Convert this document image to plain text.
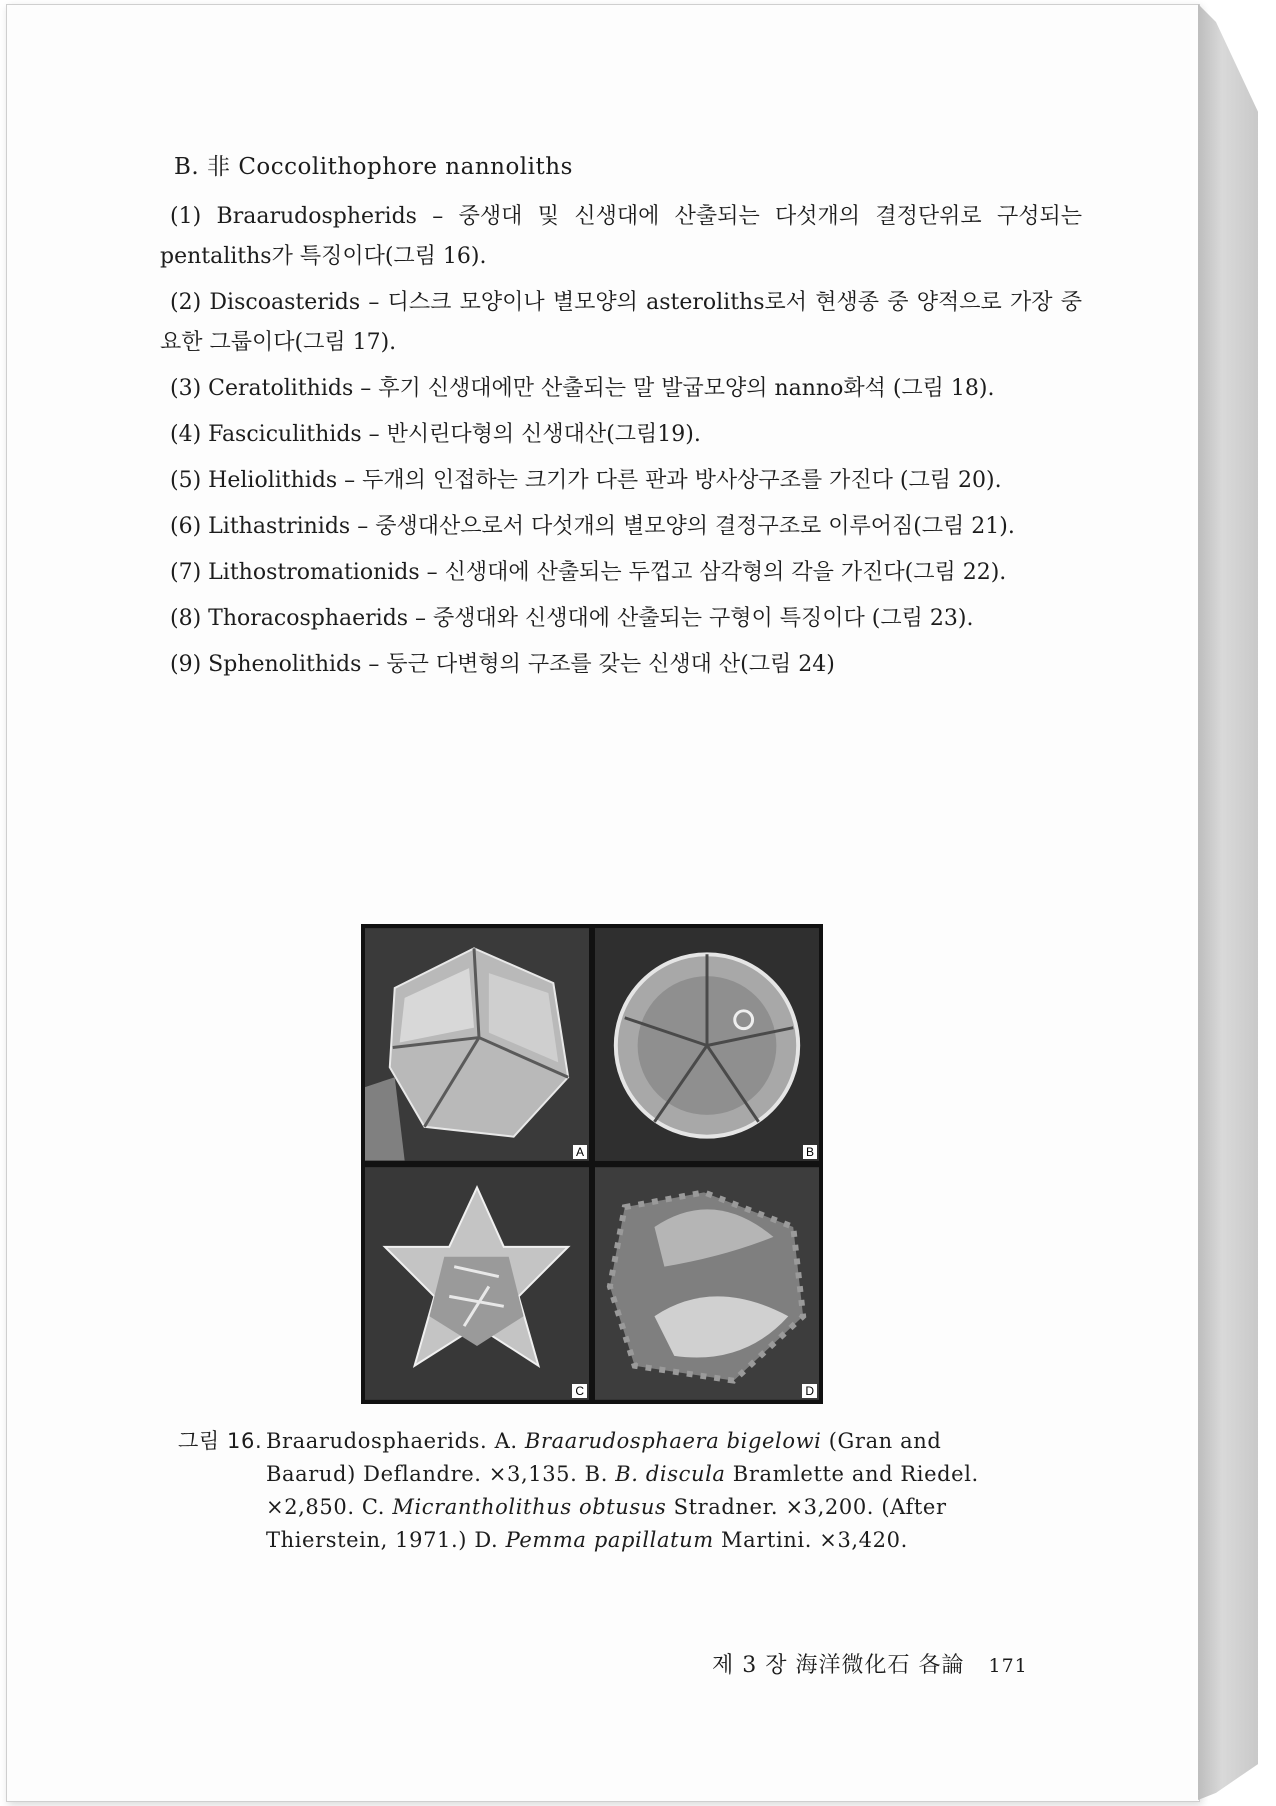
B. 非 Coccolithophore nannoliths
(1) Braarudospherids – 중생대 및 신생대에 산출되는 다섯개의 결정단위로 구성되는 pentaliths가 특징이다(그림 16).
(2) Discoasterids – 디스크 모양이나 별모양의 asteroliths로서 현생종 중 양적으로 가장 중요한 그룹이다(그림 17).
(3) Ceratolithids – 후기 신생대에만 산출되는 말 발굽모양의 nanno화석 (그림 18).
(4) Fasciculithids – 반시린다형의 신생대산(그림19).
(5) Heliolithids – 두개의 인접하는 크기가 다른 판과 방사상구조를 가진다 (그림 20).
(6) Lithastrinids – 중생대산으로서 다섯개의 별모양의 결정구조로 이루어짐(그림 21).
(7) Lithostromationids – 신생대에 산출되는 두껍고 삼각형의 각을 가진다(그림 22).
(8) Thoracosphaerids – 중생대와 신생대에 산출되는 구형이 특징이다 (그림 23).
(9) Sphenolithids – 둥근 다변형의 구조를 갖는 신생대 산(그림 24)
A	B
C	D
그림 16. Braarudosphaerids. A. Braarudosphaera bigelowi (Gran and Baarud) Deflandre. ×3,135. B. B. discula Bramlette and Riedel. ×2,850. C. Micrantholithus obtusus Stradner. ×3,200. (After Thierstein, 1971.) D. Pemma papillatum Martini. ×3,420.
제 3 장 海洋微化石 各論 171
